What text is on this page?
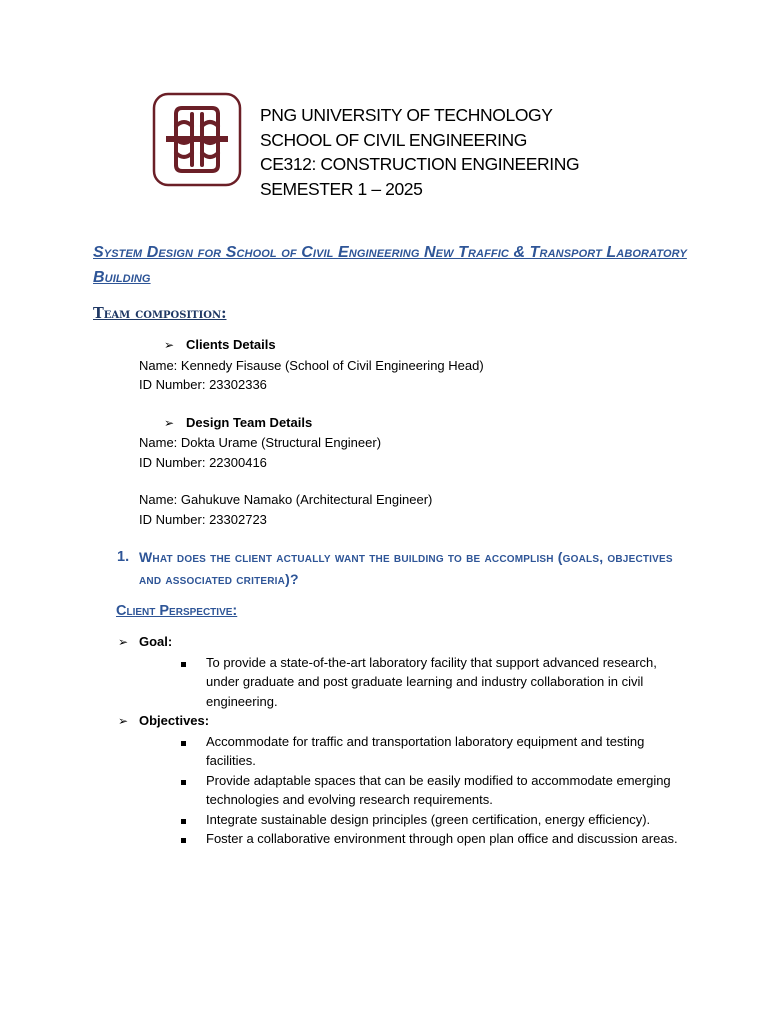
PNG UNIVERSITY OF TECHNOLOGY
SCHOOL OF CIVIL ENGINEERING
CE312: CONSTRUCTION ENGINEERING
SEMESTER 1 – 2025
System Design for School of Civil Engineering New Traffic & Transport Laboratory Building
Team composition:
➢	Clients Details
Name: Kennedy Fisause (School of Civil Engineering Head)	
ID Number: 23302336	

➢	Design Team Details
Name: Dokta Urame (Structural Engineer)	
ID Number: 22300416	

Name: Gahukuve Namako (Architectural Engineer)	
ID Number: 23302723	
1.	What does the client actually want the building to be accomplish (goals, objectives and associated criteria)?
Client Perspective:
➢	Goal:	
		To provide a state-of-the-art laboratory facility that support advanced research, under graduate and post graduate learning and industry collaboration in civil engineering.
➢	Objectives:	
		Accommodate for traffic and transportation laboratory equipment and testing facilities.
		Provide adaptable spaces that can be easily modified to accommodate emerging technologies and evolving research requirements.
		Integrate sustainable design principles (green certification, energy efficiency).
		Foster a collaborative environment through open plan office and discussion areas.
